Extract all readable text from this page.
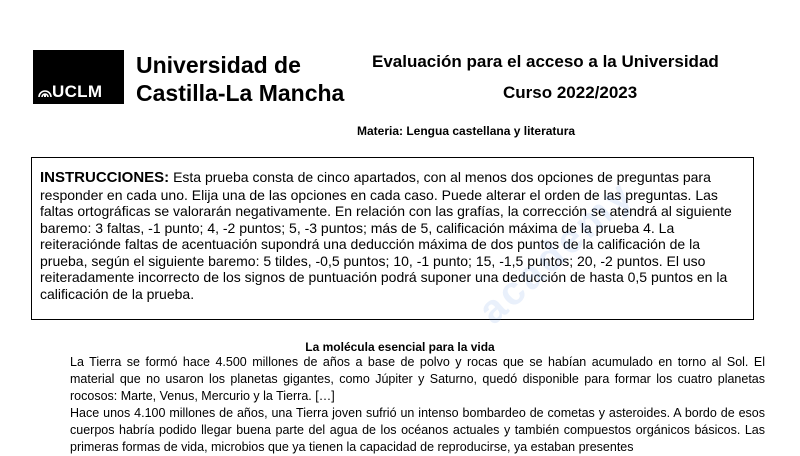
UCLM
Universidad de
Castilla-La Mancha
Evaluación para el acceso a la Universidad
Curso 2022/2023
Materia: Lengua castellana y literatura
INSTRUCCIONES: Esta prueba consta de cinco apartados, con al menos dos opciones de preguntas para responder en cada uno. Elija una de las opciones en cada caso. Puede alterar el orden de las preguntas. Las faltas ortográficas se valorarán negativamente. En relación con las grafías, la corrección se atendrá al siguiente baremo: 3 faltas, -1 punto; 4, -2 puntos; 5, -3 puntos; más de 5, calificación máxima de la prueba 4. La reiteraciónde faltas de acentuación supondrá una deducción máxima de dos puntos de la calificación de la prueba, según el siguiente baremo: 5 tildes, -0,5 puntos; 10, -1 punto; 15, -1,5 puntos; 20, -2 puntos. El uso reiteradamente incorrecto de los signos de puntuación podrá suponer una deducción de hasta 0,5 puntos en la calificación de la prueba.	academy
La molécula esencial para la vida

La Tierra se formó hace 4.500 millones de años a base de polvo y rocas que se habían acumulado en torno al Sol. El material que no usaron los planetas gigantes, como Júpiter y Saturno, quedó disponible para formar los cuatro planetas rocosos: Marte, Venus, Mercurio y la Tierra. […]

Hace unos 4.100 millones de años, una Tierra joven sufrió un intenso bombardeo de cometas y asteroides. A bordo de esos cuerpos habría podido llegar buena parte del agua de los océanos actuales y también compuestos orgánicos básicos. Las primeras formas de vida, microbios que ya tienen la capacidad de reproducirse, ya estaban presentes
